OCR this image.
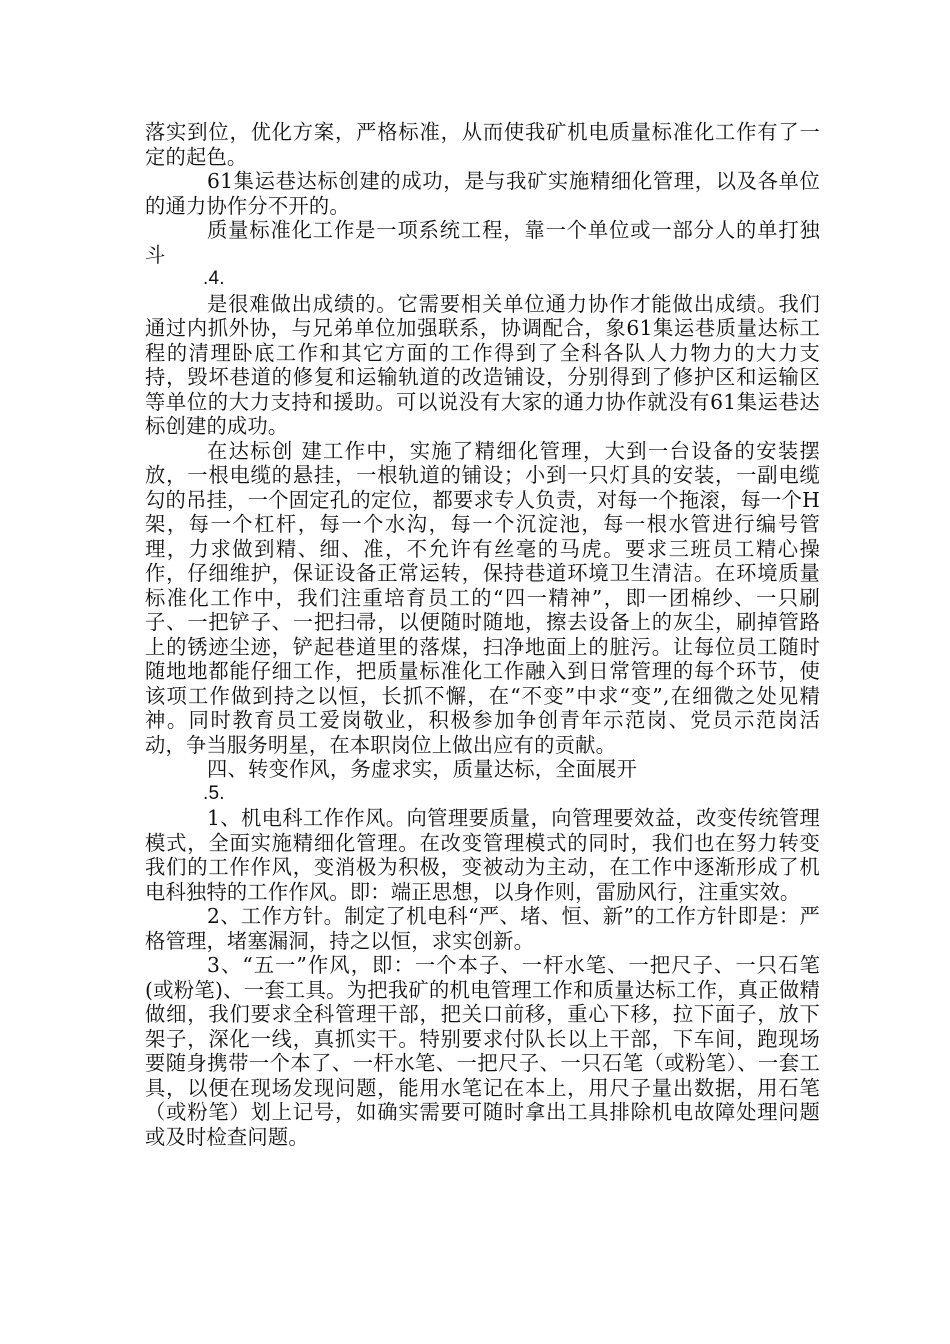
落实到位，优化方案，严格标准，从而使我矿机电质量标准化工作有了一定的起色。

61集运巷达标创建的成功，是与我矿实施精细化管理，以及各单位的通力协作分不开的。

质量标准化工作是一项系统工程，靠一个单位或一部分人的单打独斗

.4.

是很难做出成绩的。它需要相关单位通力协作才能做出成绩。我们通过内抓外协，与兄弟单位加强联系，协调配合，象61集运巷质量达标工程的清理卧底工作和其它方面的工作得到了全科各队人力物力的大力支持，毁坏巷道的修复和运输轨道的改造铺设，分别得到了修护区和运输区等单位的大力支持和援助。可以说没有大家的通力协作就没有61集运巷达标创建的成功。

在达标创 建工作中，实施了精细化管理，大到一台设备的安装摆放，一根电缆的悬挂，一根轨道的铺设；小到一只灯具的安装，一副电缆勾的吊挂，一个固定孔的定位，都要求专人负责，对每一个拖滚，每一个H架，每一个杠杆，每一个水沟，每一个沉淀池，每一根水管进行编号管理，力求做到精、细、准，不允许有丝毫的马虎。要求三班员工精心操作，仔细维护，保证设备正常运转，保持巷道环境卫生清洁。在环境质量标准化工作中，我们注重培育员工的“四一精神”，即一团棉纱、一只刷子、一把铲子、一把扫帚，以便随时随地，擦去设备上的灰尘，刷掉管路上的锈迹尘迹，铲起巷道里的落煤，扫净地面上的脏污。让每位员工随时随地地都能仔细工作，把质量标准化工作融入到日常管理的每个环节，使该项工作做到持之以恒，长抓不懈，在“不变”中求“变”,在细微之处见精神。同时教育员工爱岗敬业，积极参加争创青年示范岗、党员示范岗活动，争当服务明星，在本职岗位上做出应有的贡献。

四、转变作风，务虚求实，质量达标，全面展开

.5.

1、机电科工作作风。向管理要质量，向管理要效益，改变传统管理模式，全面实施精细化管理。在改变管理模式的同时，我们也在努力转变我们的工作作风，变消极为积极，变被动为主动，在工作中逐渐形成了机电科独特的工作作风。即：端正思想，以身作则，雷励风行，注重实效。

2、工作方针。制定了机电科“严、堵、恒、新”的工作方针即是：严格管理，堵塞漏洞，持之以恒，求实创新。

3、“五一”作风，即：一个本子、一杆水笔、一把尺子、一只石笔(或粉笔)、一套工具。为把我矿的机电管理工作和质量达标工作，真正做精做细，我们要求全科管理干部，把关口前移，重心下移，拉下面子，放下架子，深化一线，真抓实干。特别要求付队长以上干部，下车间，跑现场要随身携带一个本了、一杆水笔、一把尺子、一只石笔（或粉笔）、一套工具，以便在现场发现问题，能用水笔记在本上，用尺子量出数据，用石笔（或粉笔）划上记号，如确实需要可随时拿出工具排除机电故障处理问题或及时检查问题。
